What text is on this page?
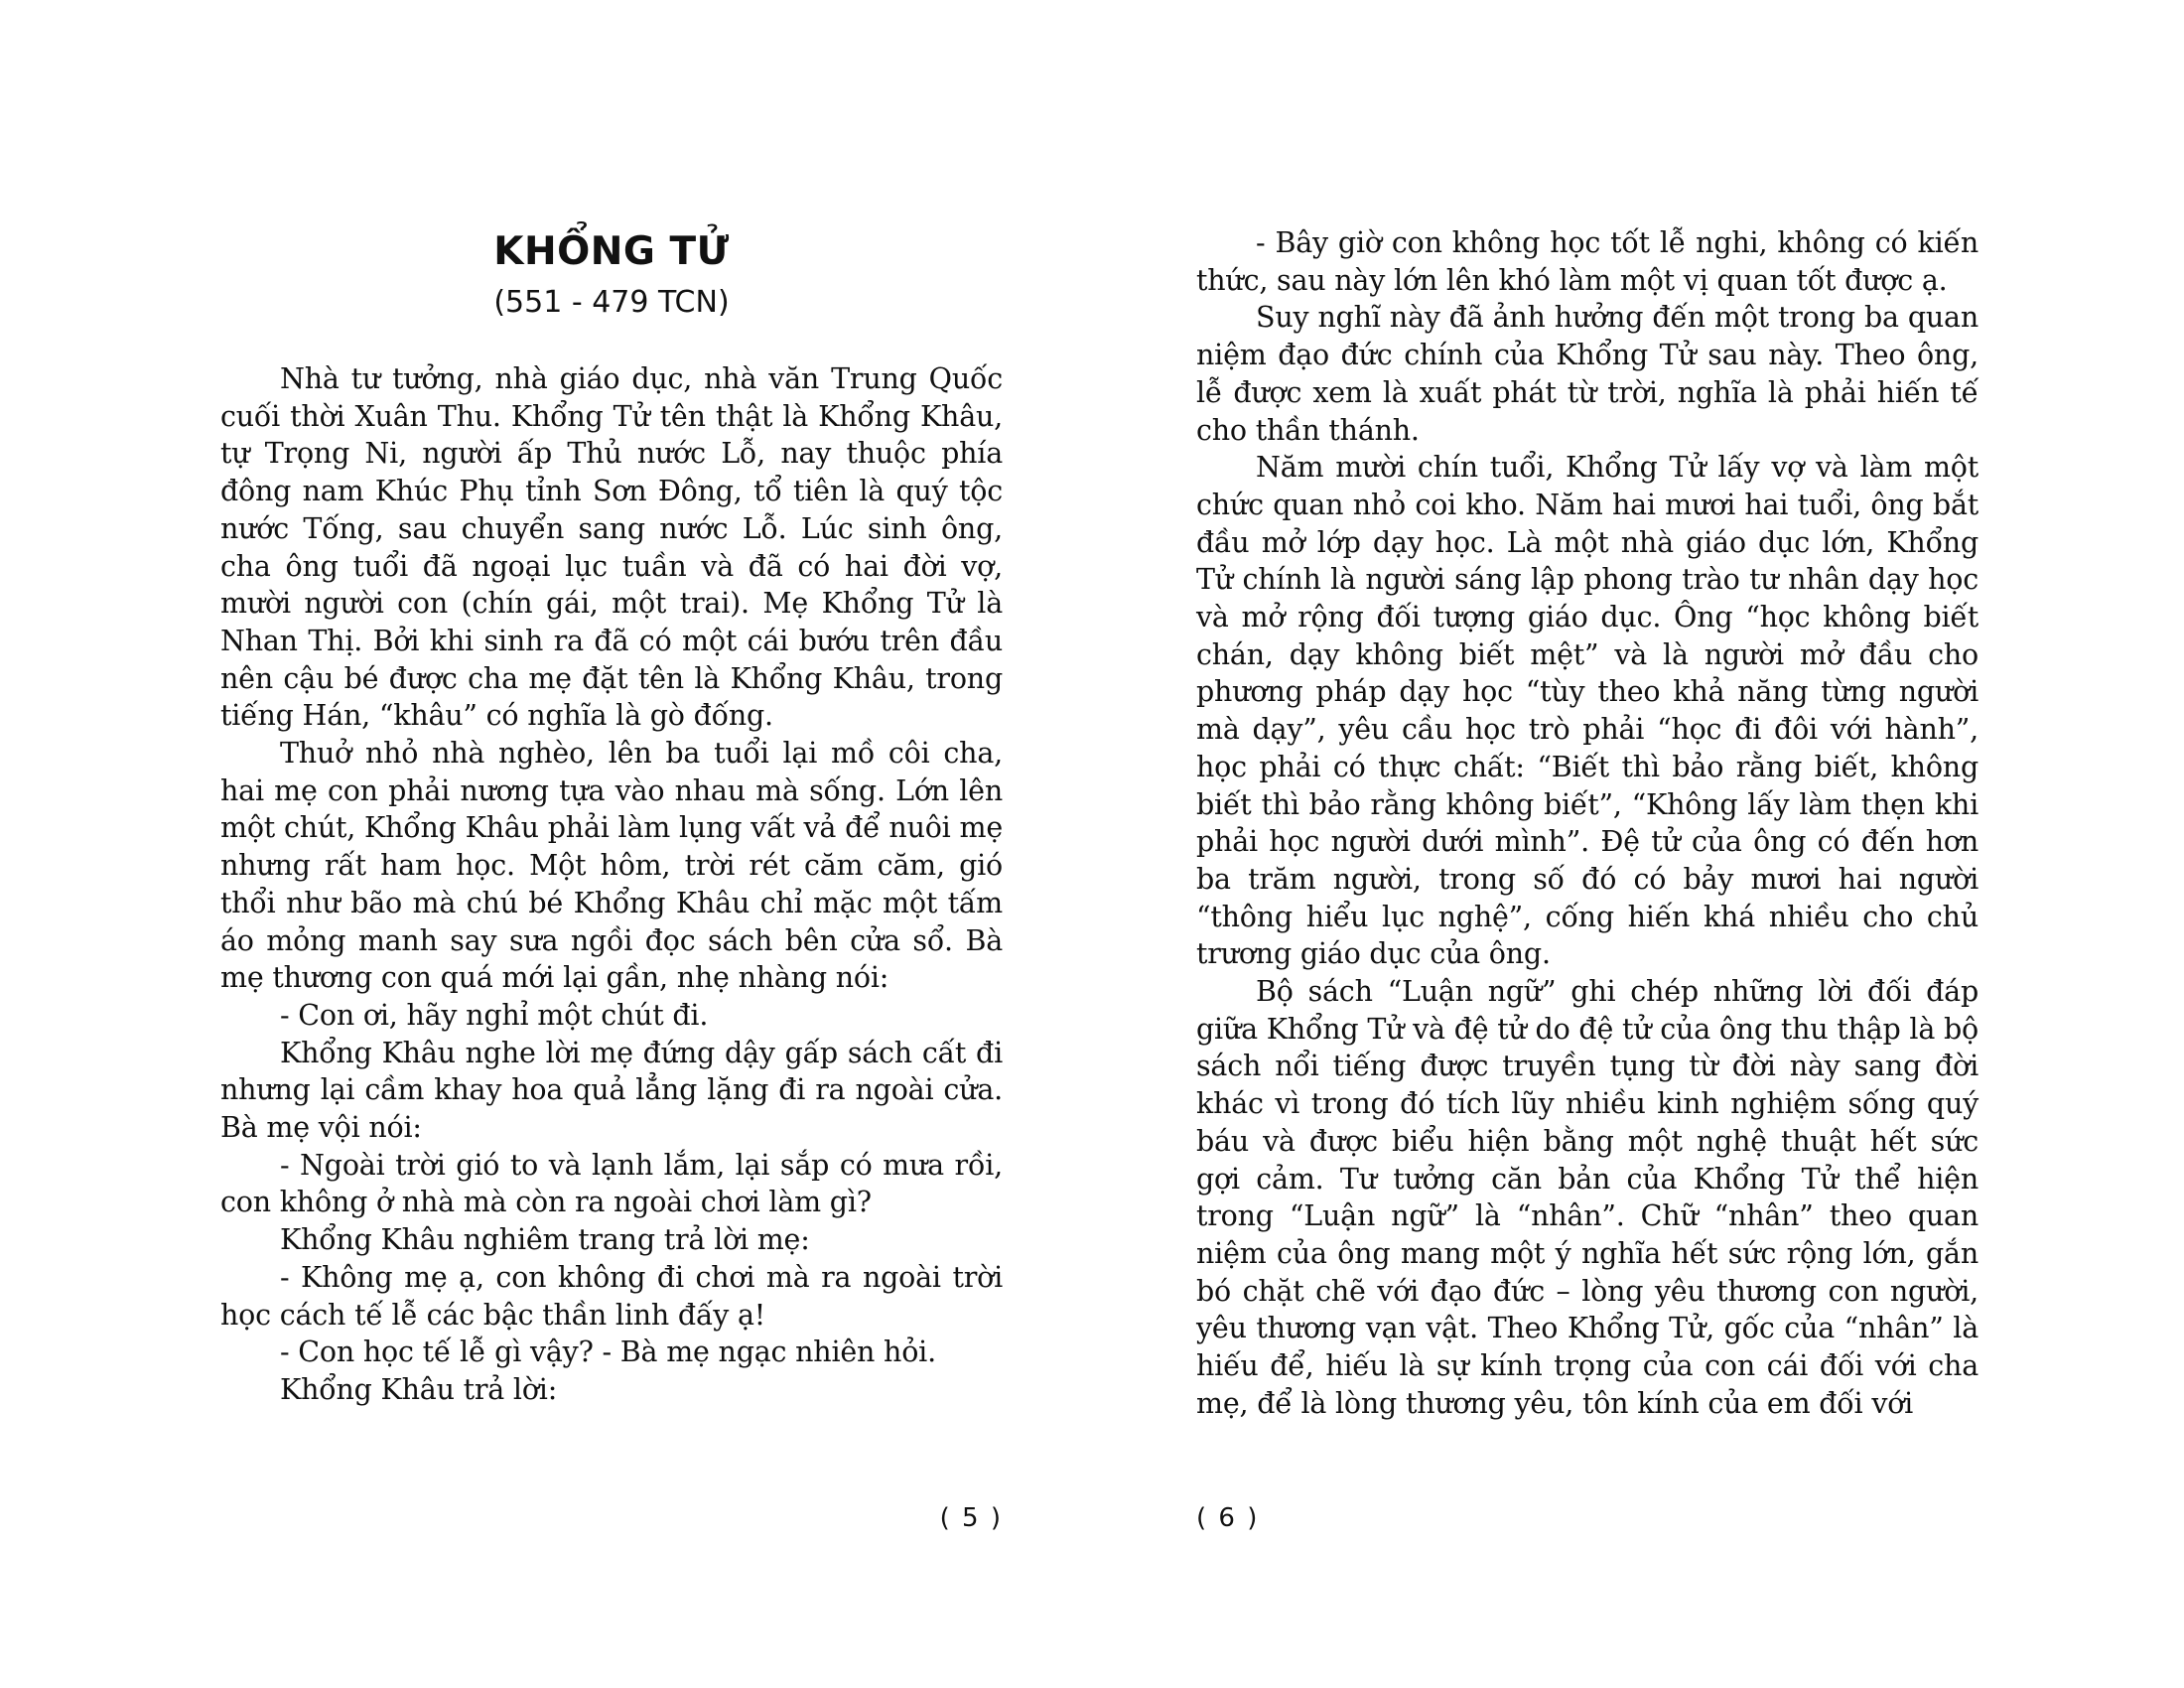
KHỔNG TỬ
(551 - 479 TCN)

Nhà tư tưởng, nhà giáo dục, nhà văn Trung Quốc cuối thời Xuân Thu. Khổng Tử tên thật là Khổng Khâu, tự Trọng Ni, người ấp Thủ nước Lỗ, nay thuộc phía đông nam Khúc Phụ tỉnh Sơn Đông, tổ tiên là quý tộc nước Tống, sau chuyển sang nước Lỗ. Lúc sinh ông, cha ông tuổi đã ngoại lục tuần và đã có hai đời vợ, mười người con (chín gái, một trai). Mẹ Khổng Tử là Nhan Thị. Bởi khi sinh ra đã có một cái bướu trên đầu nên cậu bé được cha mẹ đặt tên là Khổng Khâu, trong tiếng Hán, “khâu” có nghĩa là gò đống.

Thuở nhỏ nhà nghèo, lên ba tuổi lại mồ côi cha, hai mẹ con phải nương tựa vào nhau mà sống. Lớn lên một chút, Khổng Khâu phải làm lụng vất vả để nuôi mẹ nhưng rất ham học. Một hôm, trời rét căm căm, gió thổi như bão mà chú bé Khổng Khâu chỉ mặc một tấm áo mỏng manh say sưa ngồi đọc sách bên cửa sổ. Bà mẹ thương con quá mới lại gần, nhẹ nhàng nói:

- Con ơi, hãy nghỉ một chút đi.

Khổng Khâu nghe lời mẹ đứng dậy gấp sách cất đi nhưng lại cầm khay hoa quả lẳng lặng đi ra ngoài cửa. Bà mẹ vội nói:

- Ngoài trời gió to và lạnh lắm, lại sắp có mưa rồi, con không ở nhà mà còn ra ngoài chơi làm gì?

Khổng Khâu nghiêm trang trả lời mẹ:

- Không mẹ ạ, con không đi chơi mà ra ngoài trời học cách tế lễ các bậc thần linh đấy ạ!

- Con học tế lễ gì vậy? - Bà mẹ ngạc nhiên hỏi.

Khổng Khâu trả lời:

( 5 )

- Bây giờ con không học tốt lễ nghi, không có kiến thức, sau này lớn lên khó làm một vị quan tốt được ạ.

Suy nghĩ này đã ảnh hưởng đến một trong ba quan niệm đạo đức chính của Khổng Tử sau này. Theo ông, lễ được xem là xuất phát từ trời, nghĩa là phải hiến tế cho thần thánh.

Năm mười chín tuổi, Khổng Tử lấy vợ và làm một chức quan nhỏ coi kho. Năm hai mươi hai tuổi, ông bắt đầu mở lớp dạy học. Là một nhà giáo dục lớn, Khổng Tử chính là người sáng lập phong trào tư nhân dạy học và mở rộng đối tượng giáo dục. Ông “học không biết chán, dạy không biết mệt” và là người mở đầu cho phương pháp dạy học “tùy theo khả năng từng người mà dạy”, yêu cầu học trò phải “học đi đôi với hành”, học phải có thực chất: “Biết thì bảo rằng biết, không biết thì bảo rằng không biết”, “Không lấy làm thẹn khi phải học người dưới mình”. Đệ tử của ông có đến hơn ba trăm người, trong số đó có bảy mươi hai người “thông hiểu lục nghệ”, cống hiến khá nhiều cho chủ trương giáo dục của ông.

Bộ sách “Luận ngữ” ghi chép những lời đối đáp giữa Khổng Tử và đệ tử do đệ tử của ông thu thập là bộ sách nổi tiếng được truyền tụng từ đời này sang đời khác vì trong đó tích lũy nhiều kinh nghiệm sống quý báu và được biểu hiện bằng một nghệ thuật hết sức gợi cảm. Tư tưởng căn bản của Khổng Tử thể hiện trong “Luận ngữ” là “nhân”. Chữ “nhân” theo quan niệm của ông mang một ý nghĩa hết sức rộng lớn, gắn bó chặt chẽ với đạo đức – lòng yêu thương con người, yêu thương vạn vật. Theo Khổng Tử, gốc của “nhân” là hiếu để, hiếu là sự kính trọng của con cái đối với cha mẹ, để là lòng thương yêu, tôn kính của em đối với

( 6 )
